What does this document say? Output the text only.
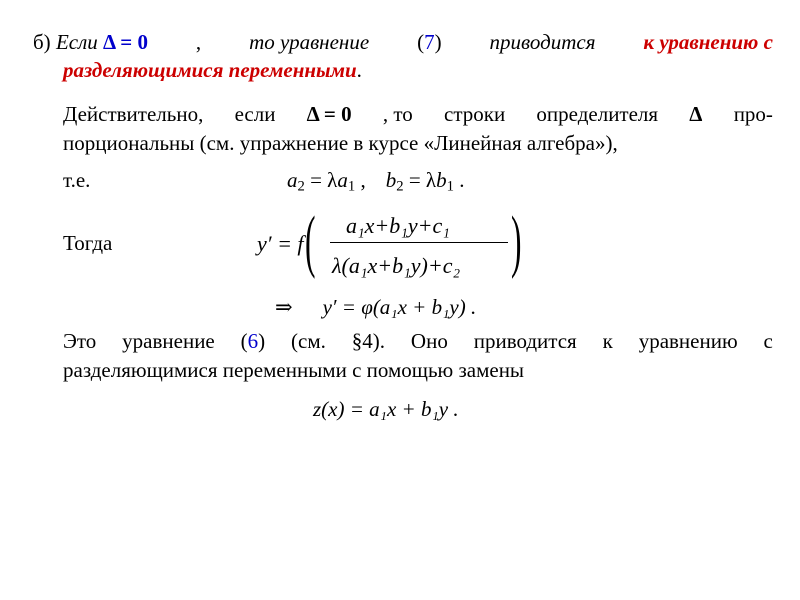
б) Если Δ = 0 , то уравнение (7) приводится к уравнению с
разделяющимися переменными.
Действительно, если Δ = 0 , то строки определителя Δ про-
порциональны (см. упражнение в курсе «Линейная алгебра»),
т.е.	$a_2 = \lambda a_1$ , $b_2 = \lambda b_1$ .
Тогда	y′ = f ( a₁x+b₁y+c₁
λ(a₁x+b₁y)+c₂ )
⇒ y′ = φ(a₁x + b₁y) .
Это уравнение (6) (см. §4). Оно приводится к уравнению с
разделяющимися переменными с помощью замены
z(x) = a₁x + b₁y .
